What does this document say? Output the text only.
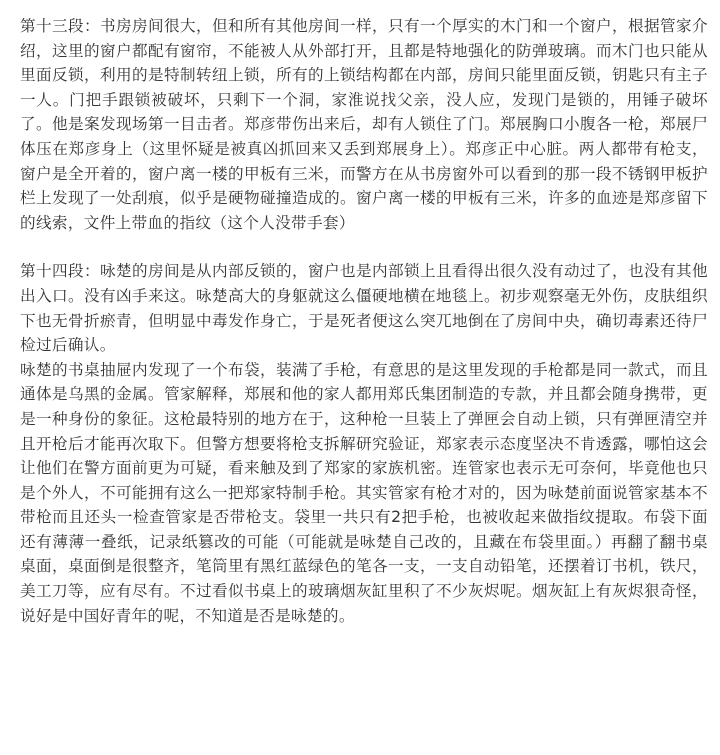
第十三段：书房房间很大，但和所有其他房间一样，只有一个厚实的木门和一个窗户，根据管家介绍，这里的窗户都配有窗帘，不能被人从外部打开，且都是特地强化的防弹玻璃。而木门也只能从里面反锁，利用的是特制转纽上锁，所有的上锁结构都在内部，房间只能里面反锁，钥匙只有主子一人。门把手跟锁被破坏，只剩下一个洞，家淮说找父亲，没人应，发现门是锁的，用锤子破坏了。他是案发现场第一目击者。郑彦带伤出来后，却有人锁住了门。郑展胸口小腹各一枪，郑展尸体压在郑彦身上（这里怀疑是被真凶抓回来又丢到郑展身上）。郑彦正中心脏。两人都带有枪支，窗户是全开着的，窗户离一楼的甲板有三米，而警方在从书房窗外可以看到的那一段不锈钢甲板护栏上发现了一处刮痕，似乎是硬物碰撞造成的。窗户离一楼的甲板有三米，许多的血迹是郑彦留下的线索，文件上带血的指纹（这个人没带手套）

第十四段：咏楚的房间是从内部反锁的，窗户也是内部锁上且看得出很久没有动过了，也没有其他出入口。没有凶手来这。咏楚高大的身躯就这么僵硬地横在地毯上。初步观察毫无外伤，皮肤组织下也无骨折瘀青，但明显中毒发作身亡，于是死者便这么突兀地倒在了房间中央，确切毒素还待尸检过后确认。

咏楚的书桌抽屉内发现了一个布袋，装满了手枪，有意思的是这里发现的手枪都是同一款式，而且通体是乌黑的金属。管家解释，郑展和他的家人都用郑氏集团制造的专款，并且都会随身携带，更是一种身份的象征。这枪最特别的地方在于，这种枪一旦装上了弹匣会自动上锁，只有弹匣清空并且开枪后才能再次取下。但警方想要将枪支拆解研究验证，郑家表示态度坚决不肯透露，哪怕这会让他们在警方面前更为可疑，看来触及到了郑家的家族机密。连管家也表示无可奈何，毕竟他也只是个外人，不可能拥有这么一把郑家特制手枪。其实管家有枪才对的，因为咏楚前面说管家基本不带枪而且还头一检查管家是否带枪支。袋里一共只有2把手枪，也被收起来做指纹提取。布袋下面还有薄薄一叠纸，记录纸篡改的可能（可能就是咏楚自己改的，且藏在布袋里面。）再翻了翻书桌桌面，桌面倒是很整齐，笔筒里有黑红蓝绿色的笔各一支，一支自动铅笔，还摆着订书机，铁尺，美工刀等，应有尽有。不过看似书桌上的玻璃烟灰缸里积了不少灰烬呢。烟灰缸上有灰烬狠奇怪，说好是中国好青年的呢，不知道是否是咏楚的。
